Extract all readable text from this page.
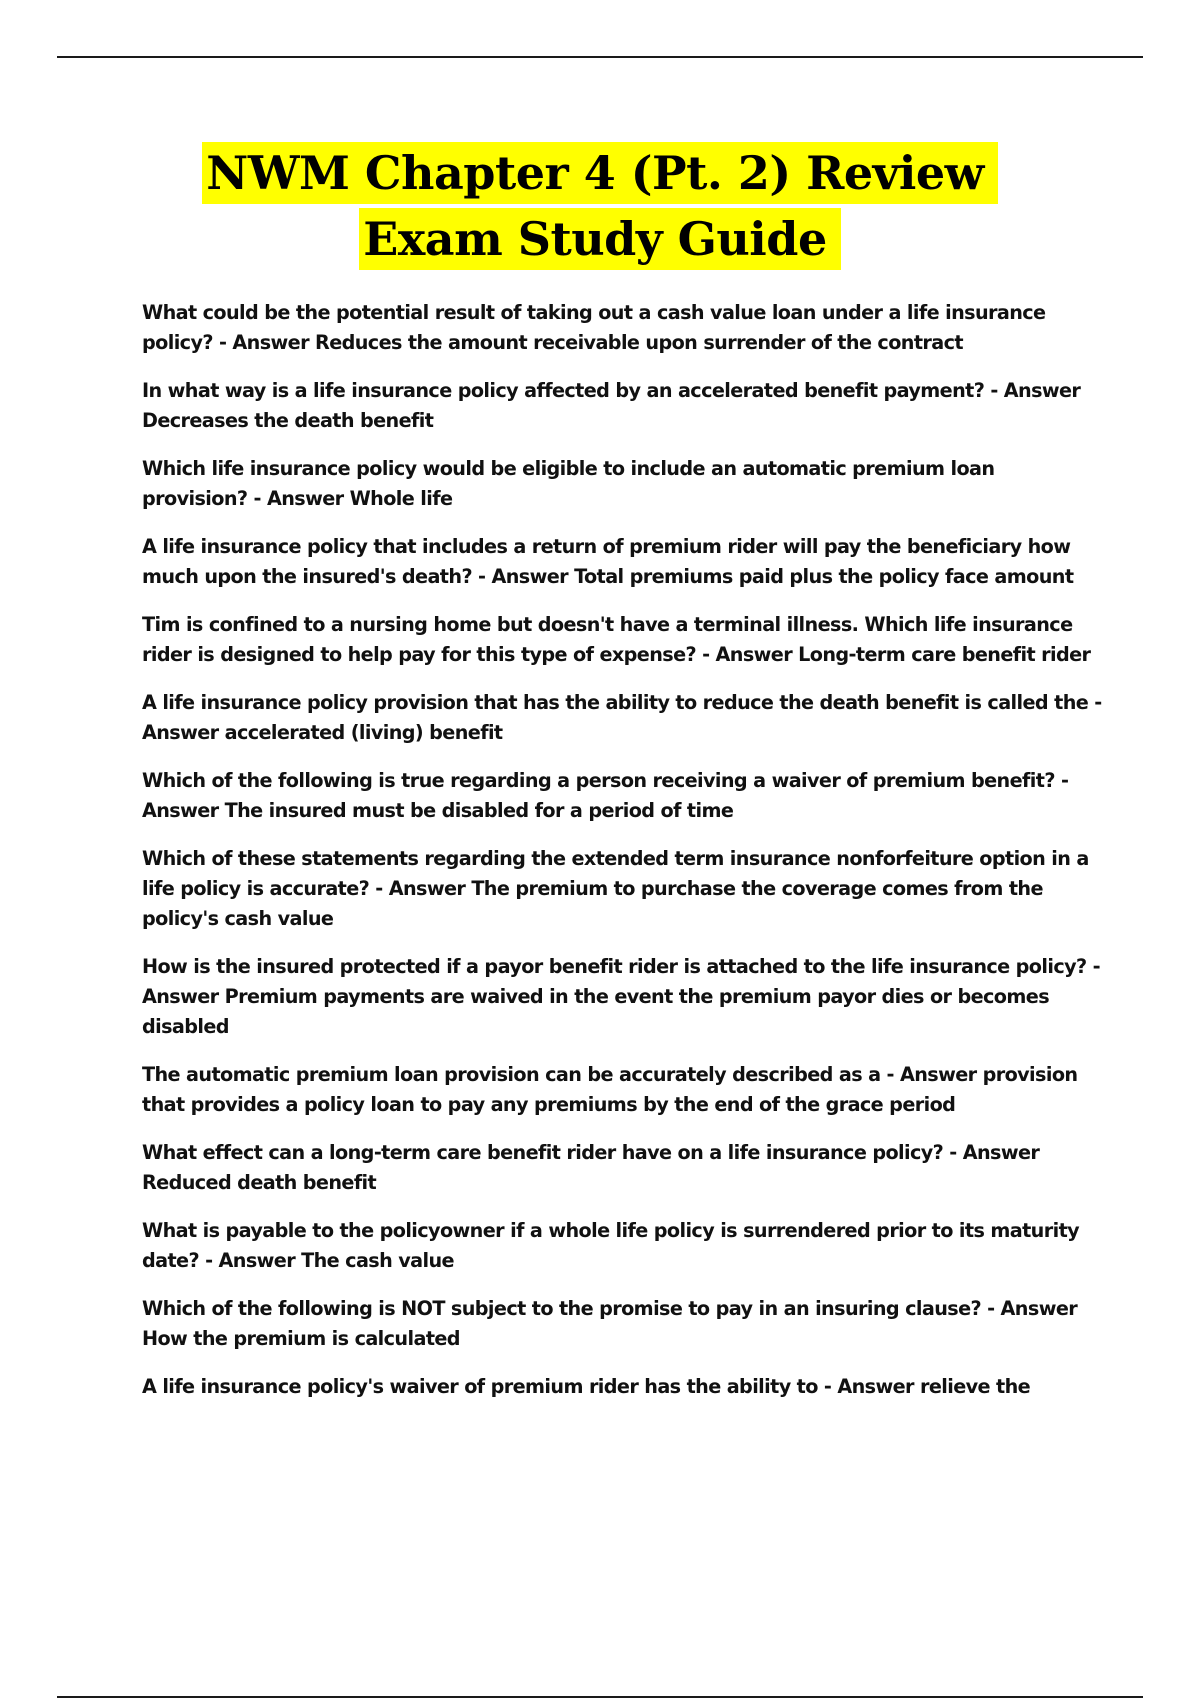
NWM Chapter 4 (Pt. 2) Review
Exam Study Guide

What could be the potential result of taking out a cash value loan under a life insurance policy? - Answer Reduces the amount receivable upon surrender of the contract

In what way is a life insurance policy affected by an accelerated benefit payment? - Answer Decreases the death benefit

Which life insurance policy would be eligible to include an automatic premium loan provision? - Answer Whole life

A life insurance policy that includes a return of premium rider will pay the beneficiary how much upon the insured's death? - Answer Total premiums paid plus the policy face amount

Tim is confined to a nursing home but doesn't have a terminal illness. Which life insurance rider is designed to help pay for this type of expense? - Answer Long-term care benefit rider

A life insurance policy provision that has the ability to reduce the death benefit is called the - Answer accelerated (living) benefit

Which of the following is true regarding a person receiving a waiver of premium benefit? - Answer The insured must be disabled for a period of time

Which of these statements regarding the extended term insurance nonforfeiture option in a life policy is accurate? - Answer The premium to purchase the coverage comes from the policy's cash value

How is the insured protected if a payor benefit rider is attached to the life insurance policy? - Answer Premium payments are waived in the event the premium payor dies or becomes disabled

The automatic premium loan provision can be accurately described as a - Answer provision that provides a policy loan to pay any premiums by the end of the grace period

What effect can a long-term care benefit rider have on a life insurance policy? - Answer Reduced death benefit

What is payable to the policyowner if a whole life policy is surrendered prior to its maturity date? - Answer The cash value

Which of the following is NOT subject to the promise to pay in an insuring clause? - Answer How the premium is calculated

A life insurance policy's waiver of premium rider has the ability to - Answer relieve the
